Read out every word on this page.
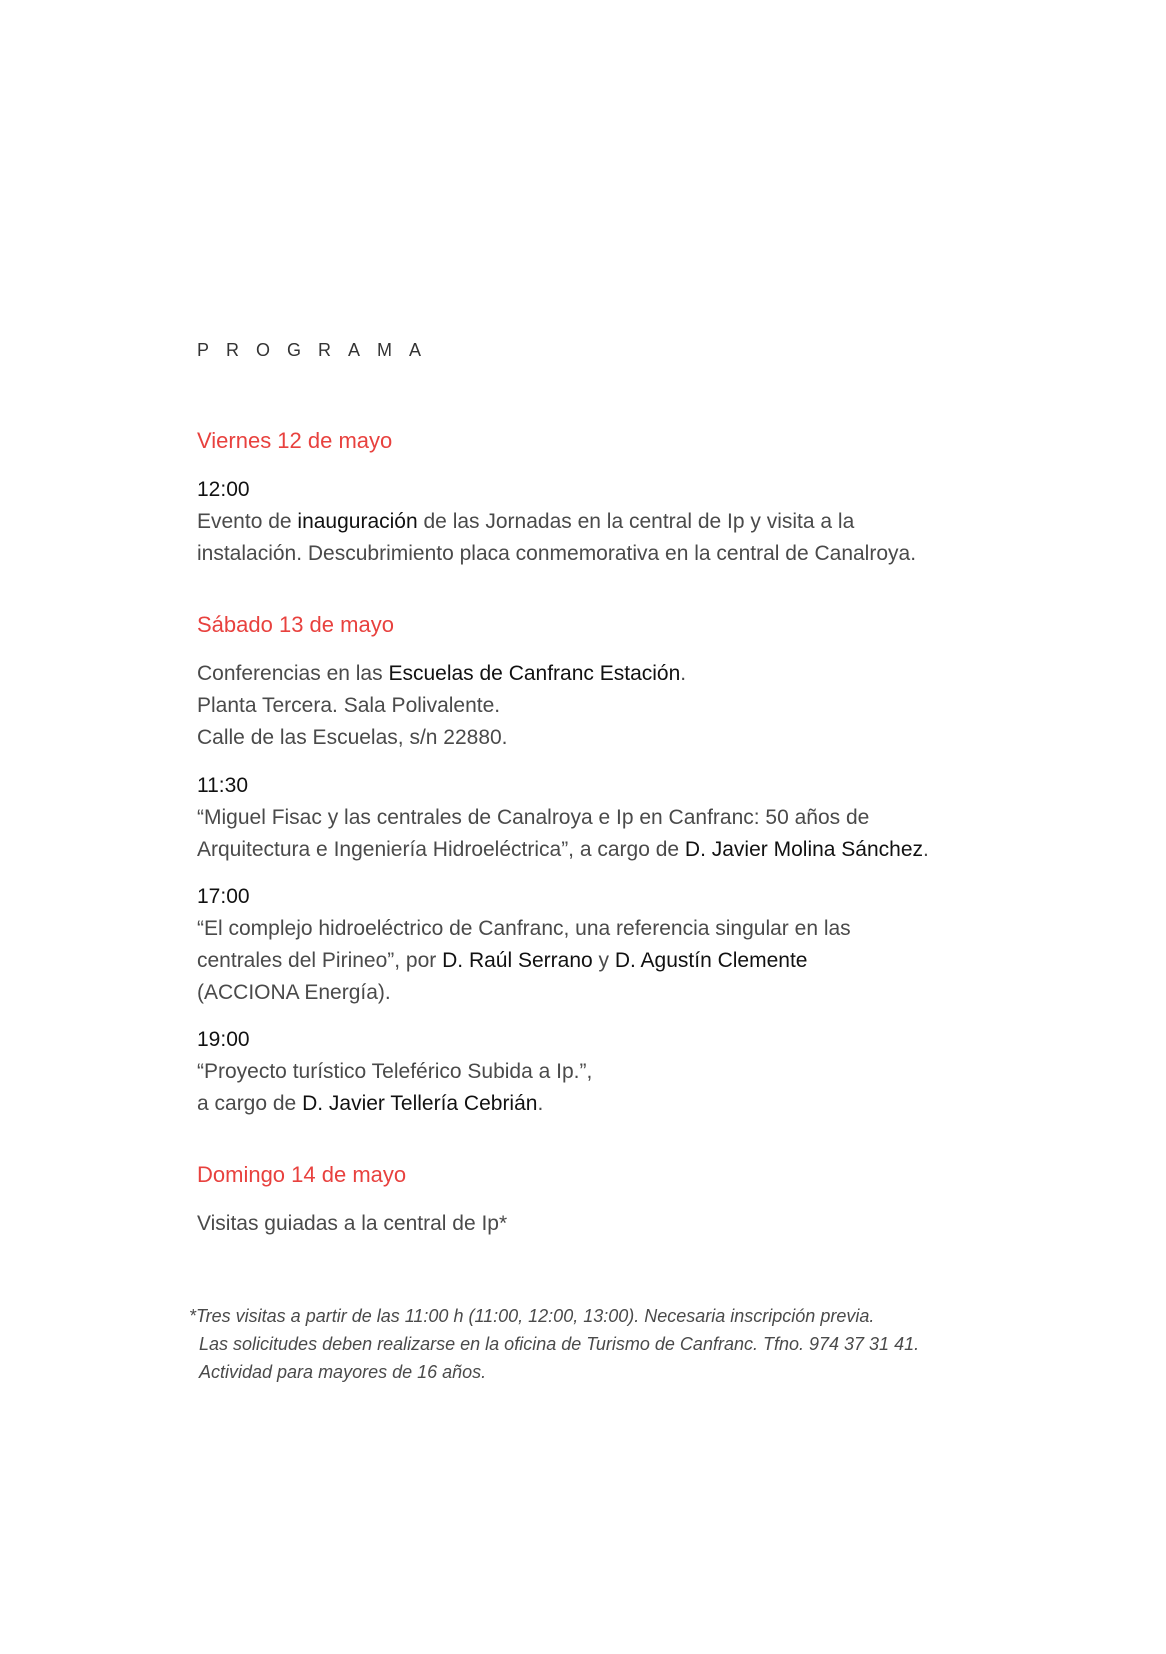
PROGRAMA
Viernes 12 de mayo
12:00
Evento de inauguración de las Jornadas en la central de Ip y visita a la
instalación. Descubrimiento placa conmemorativa en la central de Canalroya.
Sábado 13 de mayo
Conferencias en las Escuelas de Canfranc Estación.
Planta Tercera. Sala Polivalente.
Calle de las Escuelas, s/n 22880.
11:30
“Miguel Fisac y las centrales de Canalroya e Ip en Canfranc: 50 años de
Arquitectura e Ingeniería Hidroeléctrica”, a cargo de D. Javier Molina Sánchez.
17:00
“El complejo hidroeléctrico de Canfranc, una referencia singular en las
centrales del Pirineo”, por D. Raúl Serrano y D. Agustín Clemente
(ACCIONA Energía).
19:00
“Proyecto turístico Teleférico Subida a Ip.”,
a cargo de D. Javier Tellería Cebrián.
Domingo 14 de mayo
Visitas guiadas a la central de Ip*
*Tres visitas a partir de las 11:00 h (11:00, 12:00, 13:00). Necesaria inscripción previa.
Las solicitudes deben realizarse en la oficina de Turismo de Canfranc. Tfno. 974 37 31 41.
Actividad para mayores de 16 años.
